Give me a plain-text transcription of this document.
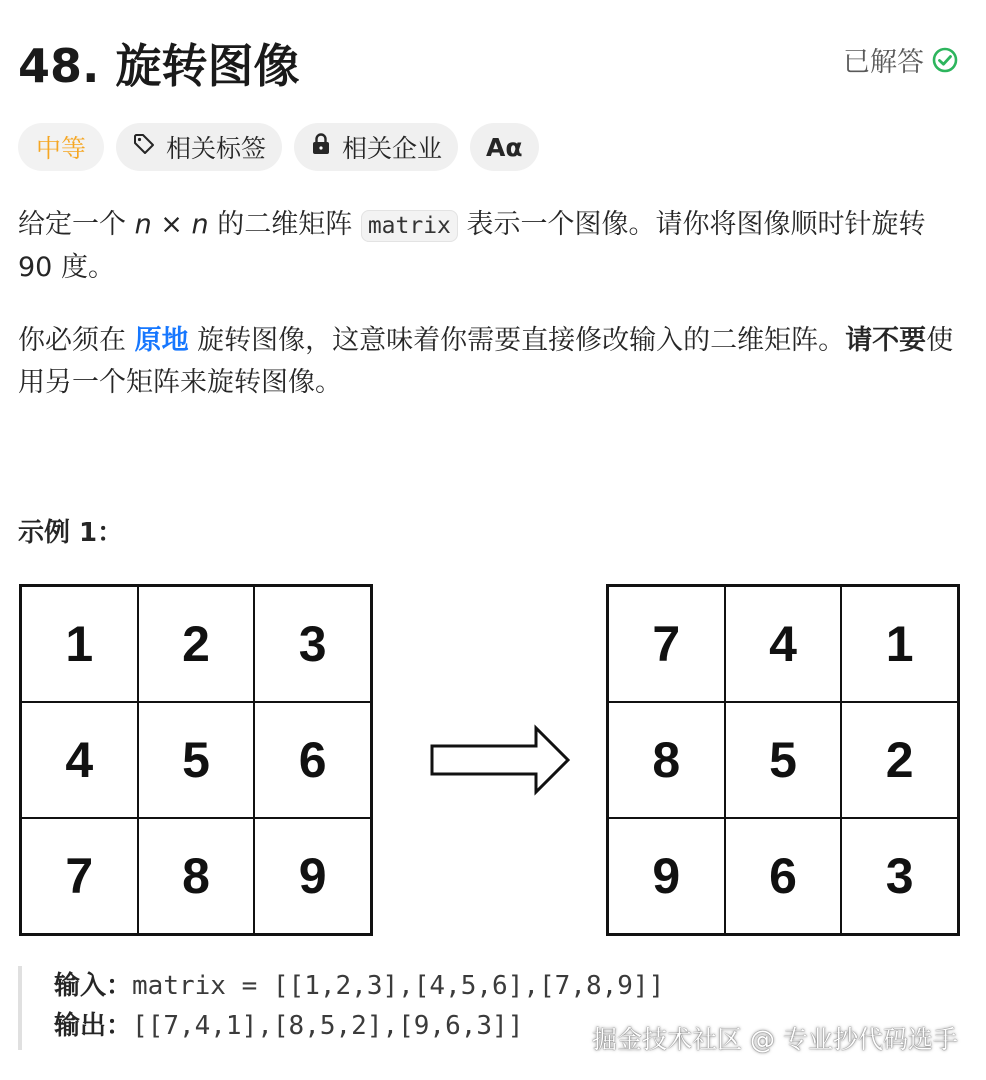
48. 旋转图像	已解答
中等	相关标签	相关企业 Aα
给定一个 n × n 的二维矩阵 matrix 表示一个图像。请你将图像顺时针旋转 90 度。
你必须在 原地 旋转图像，这意味着你需要直接修改输入的二维矩阵。请不要使用另一个矩阵来旋转图像。
示例 1：
1	2	3
4	5	6
7	8	9
7	4	1
8	5	2
9	6	3
输入：matrix = [[1,2,3],[4,5,6],[7,8,9]]
输出：[[7,4,1],[8,5,2],[9,6,3]]	掘金技术社区 @ 专业抄代码选手
